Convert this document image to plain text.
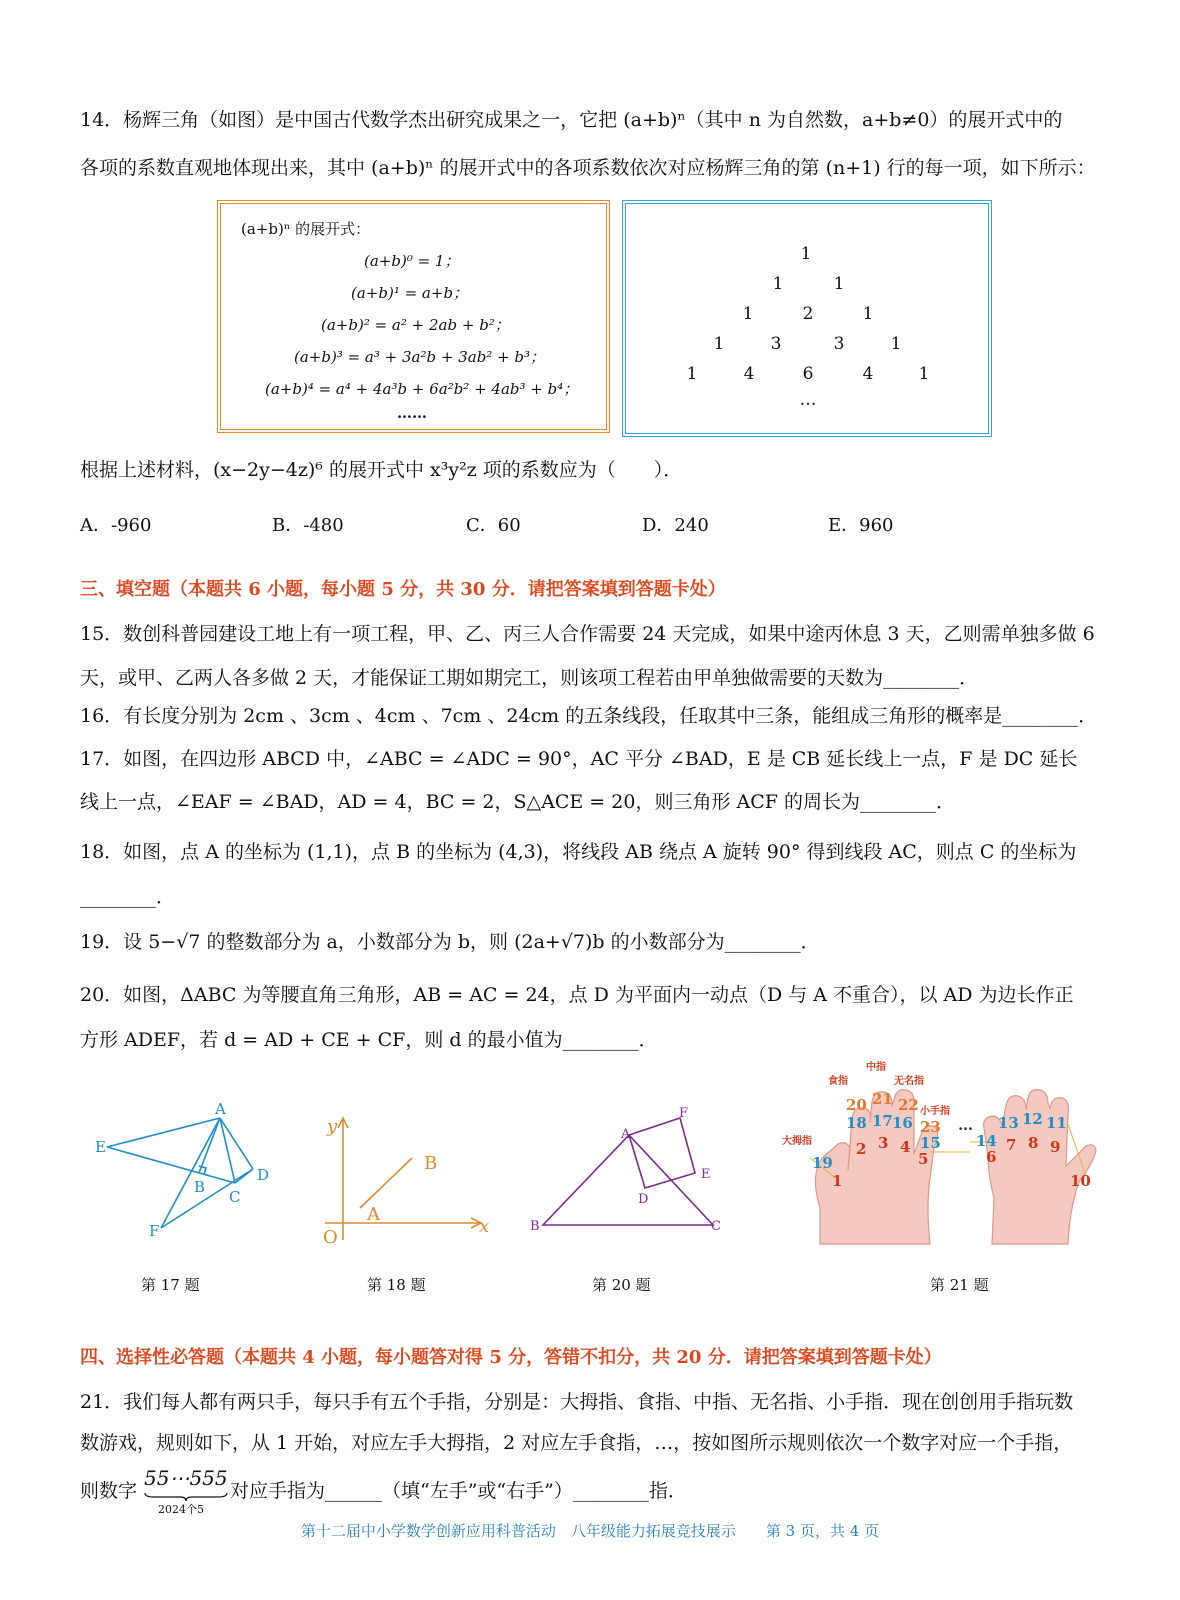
14．杨辉三角（如图）是中国古代数学杰出研究成果之一，它把 (a+b)ⁿ（其中 n 为自然数，a+b≠0）的展开式中的
各项的系数直观地体现出来，其中 (a+b)ⁿ 的展开式中的各项系数依次对应杨辉三角的第 (n+1) 行的每一项，如下所示：
(a+b)ⁿ 的展开式：
(a+b)⁰ = 1；
(a+b)¹ = a+b；
(a+b)² = a² + 2ab + b²；
(a+b)³ = a³ + 3a²b + 3ab² + b³；
(a+b)⁴ = a⁴ + 4a³b + 6a²b² + 4ab³ + b⁴；
……
1
1	1
1	2	1
1	3	3	1
1	4	6	4	1
…
根据上述材料，(x−2y−4z)⁶ 的展开式中 x³y²z 项的系数应为（　　）．
A．-960	B．-480	C．60	D．240	E．960
三、填空题（本题共 6 小题，每小题 5 分，共 30 分．请把答案填到答题卡处）
15．数创科普园建设工地上有一项工程，甲、乙、丙三人合作需要 24 天完成，如果中途丙休息 3 天，乙则需单独多做 6
天，或甲、乙两人各多做 2 天，才能保证工期如期完工，则该项工程若由甲单独做需要的天数为________．
16．有长度分别为 2cm 、3cm 、4cm 、7cm 、24cm 的五条线段，任取其中三条，能组成三角形的概率是________．
17．如图，在四边形 ABCD 中，∠ABC = ∠ADC = 90°，AC 平分 ∠BAD，E 是 CB 延长线上一点，F 是 DC 延长
线上一点，∠EAF = ∠BAD，AD = 4，BC = 2，S△ACE = 20，则三角形 ACF 的周长为________．
18．如图，点 A 的坐标为 (1,1)，点 B 的坐标为 (4,3)，将线段 AB 绕点 A 旋转 90° 得到线段 AC，则点 C 的坐标为
________．
19．设 5−√7 的整数部分为 a，小数部分为 b，则 (2a+√7)b 的小数部分为________．
20．如图，ΔABC 为等腰直角三角形，AB = AC = 24，点 D 为平面内一动点（D 与 A 不重合），以 AD 为边长作正
方形 ADEF，若 d = AD + CE + CF，则 d 的最小值为________．
A
E
B
C
D
F
第 17 题
y
x
O
A
B
第 18 题
A
B	C
D
E
F
第 20 题
食指
中指
无名指
小手指
大拇指
20 21 22
18 17 16 23
2 3 4
5
15
19
1
… 13 12 11
14
6
7 8 9
10
第 21 题
四、选择性必答题（本题共 4 小题，每小题答对得 5 分，答错不扣分，共 20 分．请把答案填到答题卡处）
21．我们每人都有两只手，每只手有五个手指，分别是：大拇指、食指、中指、无名指、小手指．现在创创用手指玩数
数游戏，规则如下，从 1 开始，对应左手大拇指，2 对应左手食指，…，按如图所示规则依次一个数字对应一个手指，
则数字
55⋯555
2024个5
对应手指为______（填“左手”或“右手”）________指．
第十二届中小学数学创新应用科普活动　八年级能力拓展竞技展示　　第 3 页，共 4 页
